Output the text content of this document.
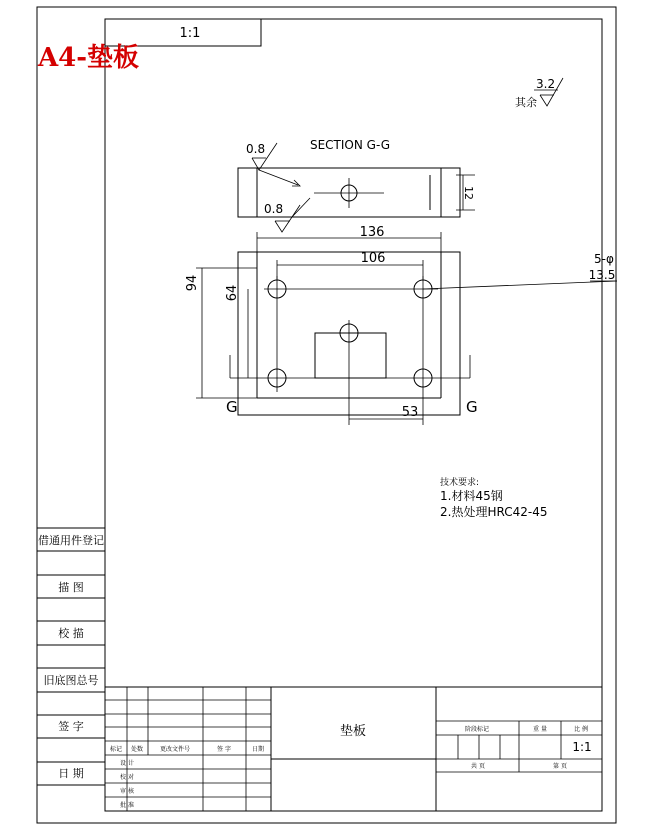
1:1
A4-垫板
3.2
其余
SECTION G-G
12
0.8
0.8
136
106
94
64
53
5-φ
13.5
G	G
技术要求:
1.材料45钢
2.热处理HRC42-45
借通用件登记
描 图
校 描
旧底图总号
签 字
日 期
垫板
标记 处数	更改文件号	签 字	日期
设 计
校 对
审 核
批 准
阶段标记	重 量	比 例
1:1
共 页	第 页
